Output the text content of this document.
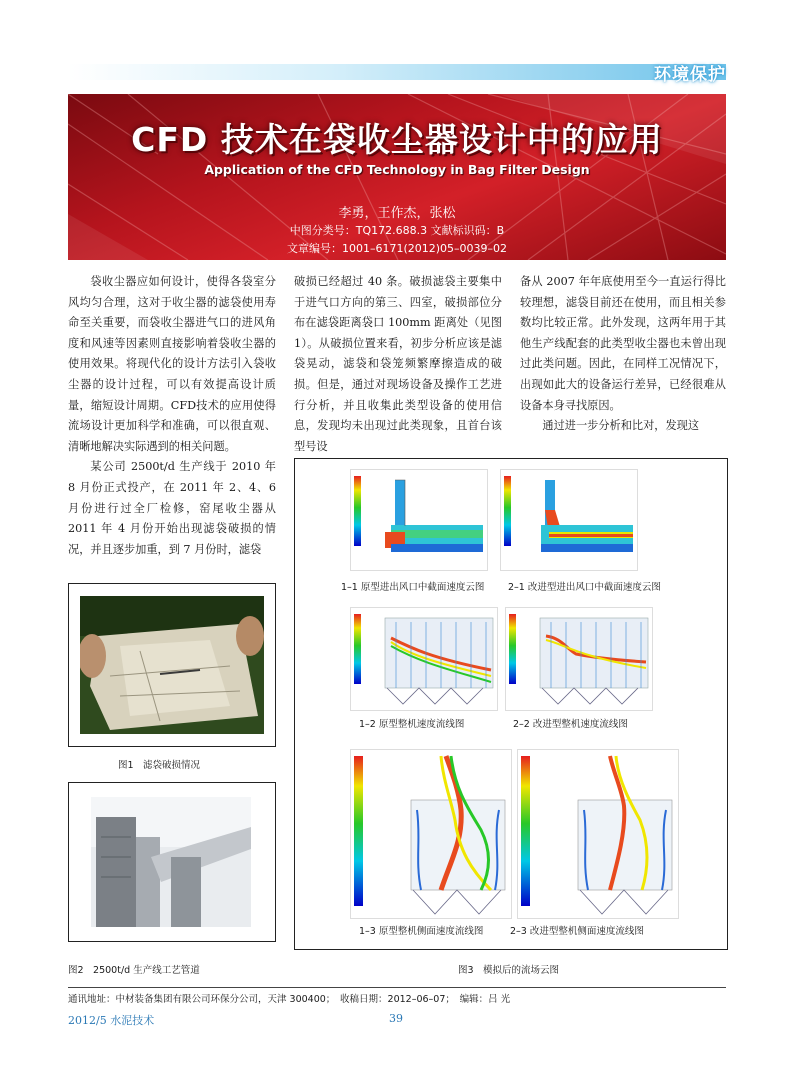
环境保护
CFD 技术在袋收尘器设计中的应用
Application of the CFD Technology in Bag Filter Design
李勇，王作杰，张松
中图分类号：TQ172.688.3 文献标识码：B
文章编号：1001–6171(2012)05–0039–02

袋收尘器应如何设计，使得各袋室分风均匀合理，这对于收尘器的滤袋使用寿命至关重要，而袋收尘器进气口的进风角度和风速等因素则直接影响着袋收尘器的使用效果。将现代化的设计方法引入袋收尘器的设计过程，可以有效提高设计质量，缩短设计周期。CFD技术的应用使得流场设计更加科学和准确，可以很直观、清晰地解决实际遇到的相关问题。

某公司 2500t/d 生产线于 2010 年 8 月份正式投产，在 2011 年 2、4、6 月份进行过全厂检修，窑尾收尘器从 2011 年 4 月份开始出现滤袋破损的情况，并且逐步加重，到 7 月份时，滤袋

破损已经超过 40 条。破损滤袋主要集中于进气口方向的第三、四室，破损部位分布在滤袋距离袋口 100mm 距离处（见图 1）。从破损位置来看，初步分析应该是滤袋晃动，滤袋和袋笼频繁摩擦造成的破损。但是，通过对现场设备及操作工艺进行分析，并且收集此类型设备的使用信息，发现均未出现过此类现象，且首台该型号设

备从 2007 年年底使用至今一直运行得比较理想，滤袋目前还在使用，而且相关参数均比较正常。此外发现，这两年用于其他生产线配套的此类型收尘器也未曾出现过此类问题。因此，在同样工况情况下，出现如此大的设备运行差异，已经很难从设备本身寻找原因。

通过进一步分析和比对，发现这

图1　滤袋破损情况
图2　2500t/d 生产线工艺管道
1–1 原型进出风口中截面速度云图 2–1 改进型进出风口中截面速度云图
1–2 原型整机速度流线图	2–2 改进型整机速度流线图
1–3 原型整机侧面速度流线图	2–3 改进型整机侧面速度流线图
图3　模拟后的流场云图
通讯地址：中材装备集团有限公司环保分公司，天津 300400；　收稿日期：2012–06–07；　编辑：吕 光
2012/5 水泥技术	39
